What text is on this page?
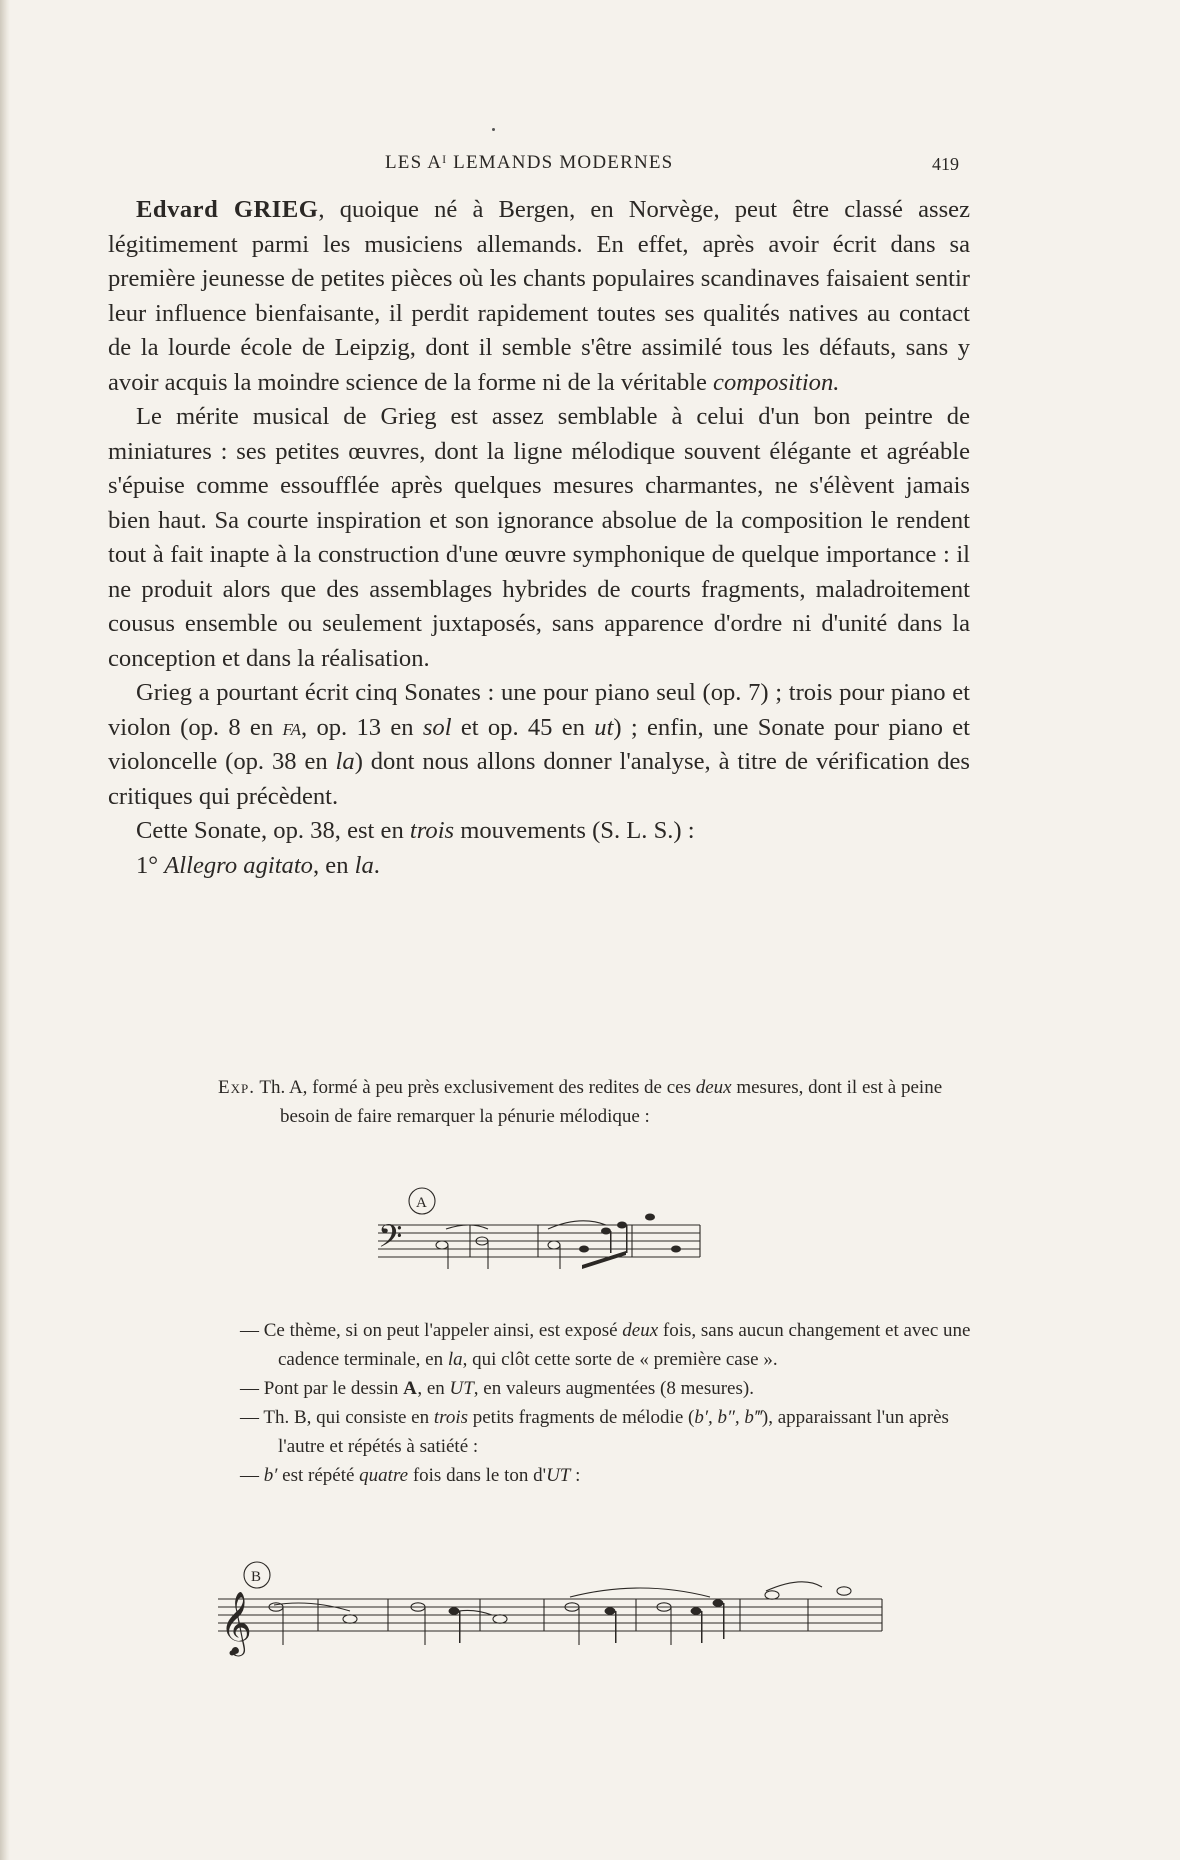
LES Aᴵ LEMANDS MODERNES	419

Edvard GRIEG, quoique né à Bergen, en Norvège, peut être classé assez légitimement parmi les musiciens allemands. En effet, après avoir écrit dans sa première jeunesse de petites pièces où les chants populaires scandinaves faisaient sentir leur influence bienfaisante, il perdit rapidement toutes ses qualités natives au contact de la lourde école de Leipzig, dont il semble s'être assimilé tous les défauts, sans y avoir acquis la moindre science de la forme ni de la véritable composition.

Le mérite musical de Grieg est assez semblable à celui d'un bon peintre de miniatures : ses petites œuvres, dont la ligne mélodique souvent élégante et agréable s'épuise comme essoufflée après quelques mesures charmantes, ne s'élèvent jamais bien haut. Sa courte inspiration et son ignorance absolue de la composition le rendent tout à fait inapte à la construction d'une œuvre symphonique de quelque importance : il ne produit alors que des assemblages hybrides de courts fragments, maladroitement cousus ensemble ou seulement juxtaposés, sans apparence d'ordre ni d'unité dans la conception et dans la réalisation.

Grieg a pourtant écrit cinq Sonates : une pour piano seul (op. 7) ; trois pour piano et violon (op. 8 en fa, op. 13 en sol et op. 45 en ut) ; enfin, une Sonate pour piano et violoncelle (op. 38 en la) dont nous allons donner l'analyse, à titre de vérification des critiques qui précèdent.

Cette Sonate, op. 38, est en trois mouvements (S. L. S.) :

1° Allegro agitato, en la.

Exp. Th. A, formé à peu près exclusivement des redites de ces deux mesures, dont il est à peine besoin de faire remarquer la pénurie mélodique :

A
𝄢

— Ce thème, si on peut l'appeler ainsi, est exposé deux fois, sans aucun changement et avec une cadence terminale, en la, qui clôt cette sorte de « première case ».

— Pont par le dessin A, en UT, en valeurs augmentées (8 mesures).

— Th. B, qui consiste en trois petits fragments de mélodie (b′, b″, b‴), apparaissant l'un après l'autre et répétés à satiété :

— b′ est répété quatre fois dans le ton d'UT :

B
𝄞
